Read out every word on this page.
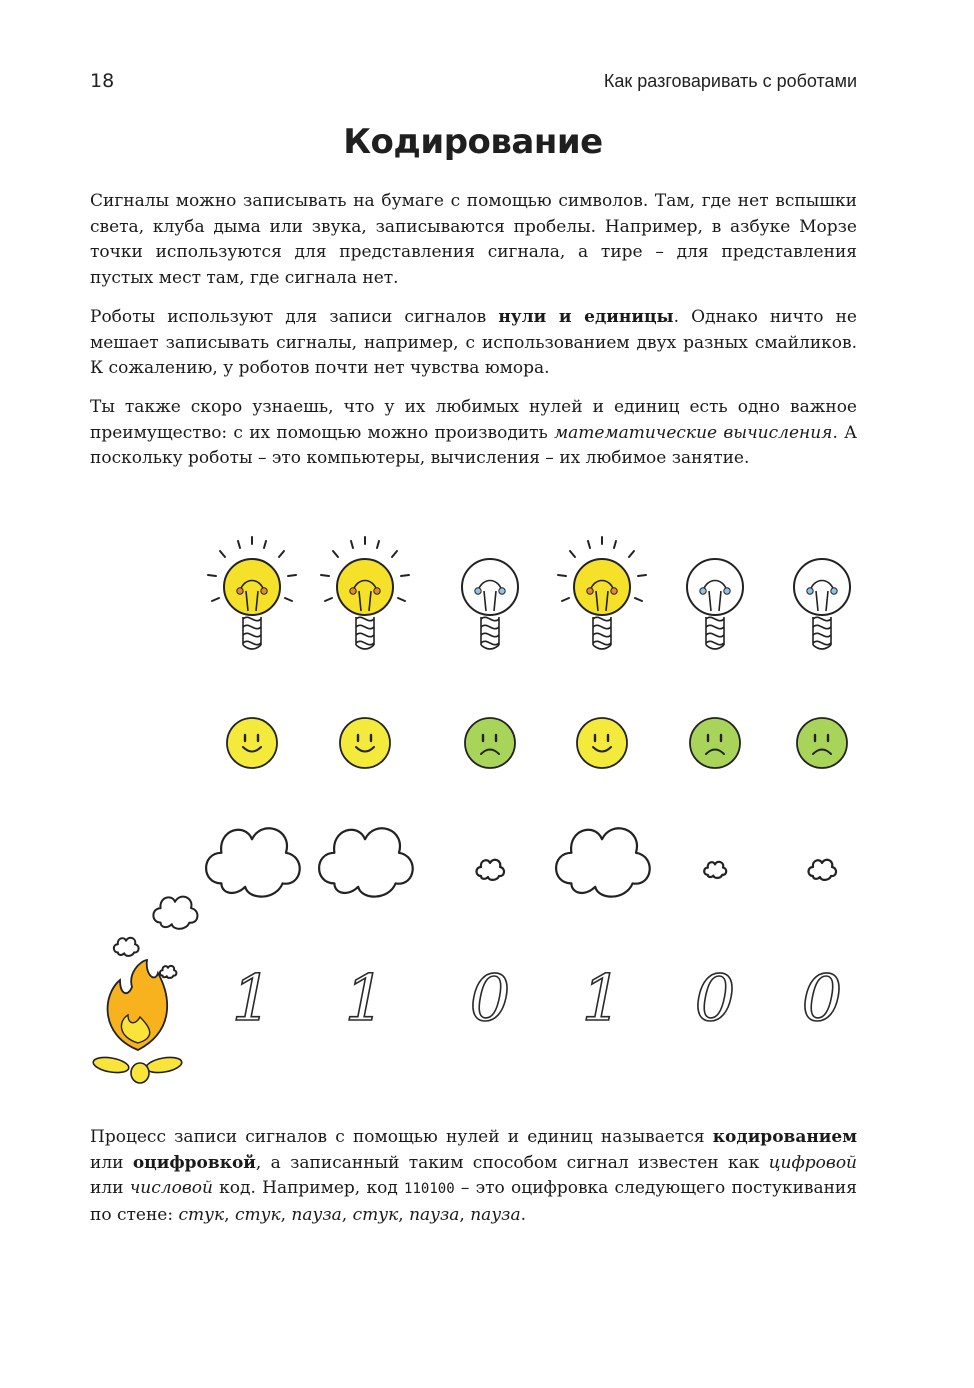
18	Как разговаривать с роботами
Кодирование

Сигналы можно записывать на бумаге с помощью символов. Там, где нет вспышки света, клуба дыма или звука, записываются пробелы. Например, в азбуке Морзе точки используются для представления сигнала, а тире – для представления пустых мест там, где сигнала нет.

Роботы используют для записи сигналов нули и единицы. Однако ничто не мешает записывать сигналы, например, с использованием двух разных смайликов. К сожалению, у роботов почти нет чувства юмора.

Ты также скоро узнаешь, что у их любимых нулей и единиц есть одно важное преимущество: с их помощью можно производить математические вычисления. А поскольку роботы – это компьютеры, вычисления – их любимое занятие.

1 1 0 1 0 0

Процесс записи сигналов с помощью нулей и единиц называется кодированием или оцифровкой, а записанный таким способом сигнал известен как цифровой или числовой код. Например, код 110100 – это оцифровка следующего постукивания по стене: стук, стук, пауза, стук, пауза, пауза.
